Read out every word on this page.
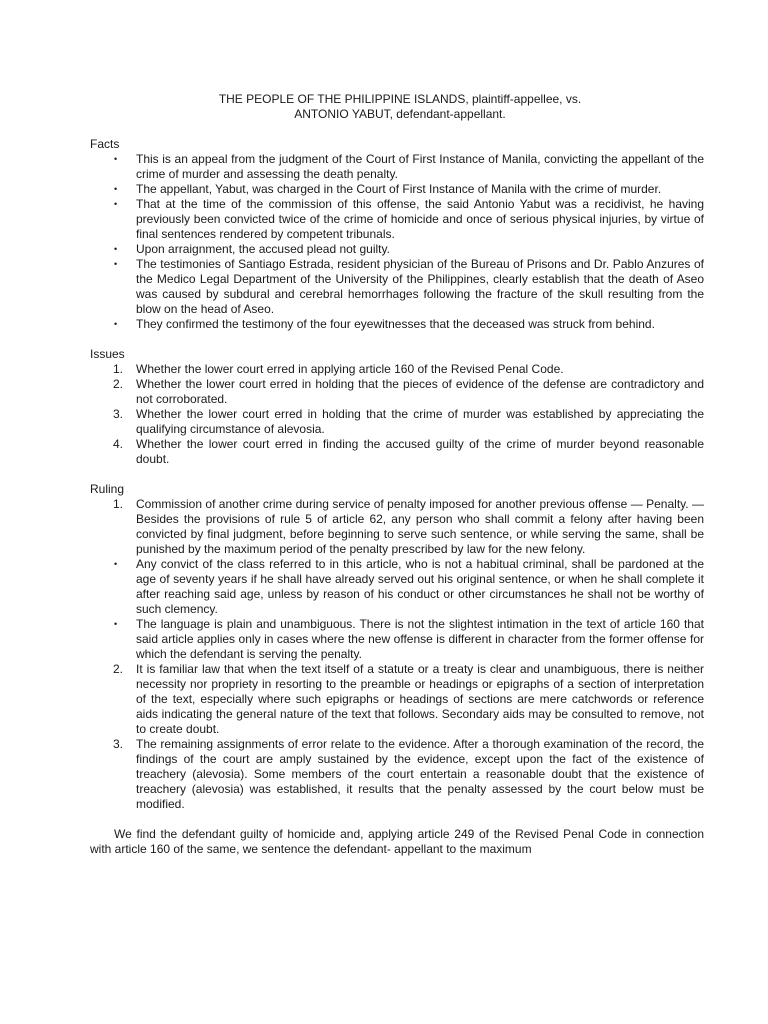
THE PEOPLE OF THE PHILIPPINE ISLANDS, plaintiff-appellee, vs.
ANTONIO YABUT, defendant-appellant.
Facts
•	This is an appeal from the judgment of the Court of First Instance of Manila, convicting the appellant of the crime of murder and assessing the death penalty.
•	The appellant, Yabut, was charged in the Court of First Instance of Manila with the crime of murder.
•	That at the time of the commission of this offense, the said Antonio Yabut was a recidivist, he having previously been convicted twice of the crime of homicide and once of serious physical injuries, by virtue of final sentences rendered by competent tribunals.
•	Upon arraignment, the accused plead not guilty.
•	The testimonies of Santiago Estrada, resident physician of the Bureau of Prisons and Dr. Pablo Anzures of the Medico Legal Department of the University of the Philippines, clearly establish that the death of Aseo was caused by subdural and cerebral hemorrhages following the fracture of the skull resulting from the blow on the head of Aseo.
•	They confirmed the testimony of the four eyewitnesses that the deceased was struck from behind.
Issues
1.	Whether the lower court erred in applying article 160 of the Revised Penal Code.
2.	Whether the lower court erred in holding that the pieces of evidence of the defense are contradictory and not corroborated.
3.	Whether the lower court erred in holding that the crime of murder was established by appreciating the qualifying circumstance of alevosia.
4.	Whether the lower court erred in finding the accused guilty of the crime of murder beyond reasonable doubt.
Ruling
1.	Commission of another crime during service of penalty imposed for another previous offense — Penalty. — Besides the provisions of rule 5 of article 62, any person who shall commit a felony after having been convicted by final judgment, before beginning to serve such sentence, or while serving the same, shall be punished by the maximum period of the penalty prescribed by law for the new felony.
•	Any convict of the class referred to in this article, who is not a habitual criminal, shall be pardoned at the age of seventy years if he shall have already served out his original sentence, or when he shall complete it after reaching said age, unless by reason of his conduct or other circumstances he shall not be worthy of such clemency.
•	The language is plain and unambiguous. There is not the slightest intimation in the text of article 160 that said article applies only in cases where the new offense is different in character from the former offense for which the defendant is serving the penalty.
2.	It is familiar law that when the text itself of a statute or a treaty is clear and unambiguous, there is neither necessity nor propriety in resorting to the preamble or headings or epigraphs of a section of interpretation of the text, especially where such epigraphs or headings of sections are mere catchwords or reference aids indicating the general nature of the text that follows. Secondary aids may be consulted to remove, not to create doubt.
3.	The remaining assignments of error relate to the evidence. After a thorough examination of the record, the findings of the court are amply sustained by the evidence, except upon the fact of the existence of treachery (alevosia). Some members of the court entertain a reasonable doubt that the existence of treachery (alevosia) was established, it results that the penalty assessed by the court below must be modified.

We find the defendant guilty of homicide and, applying article 249 of the Revised Penal Code in connection with article 160 of the same, we sentence the defendant- appellant to the maximum
